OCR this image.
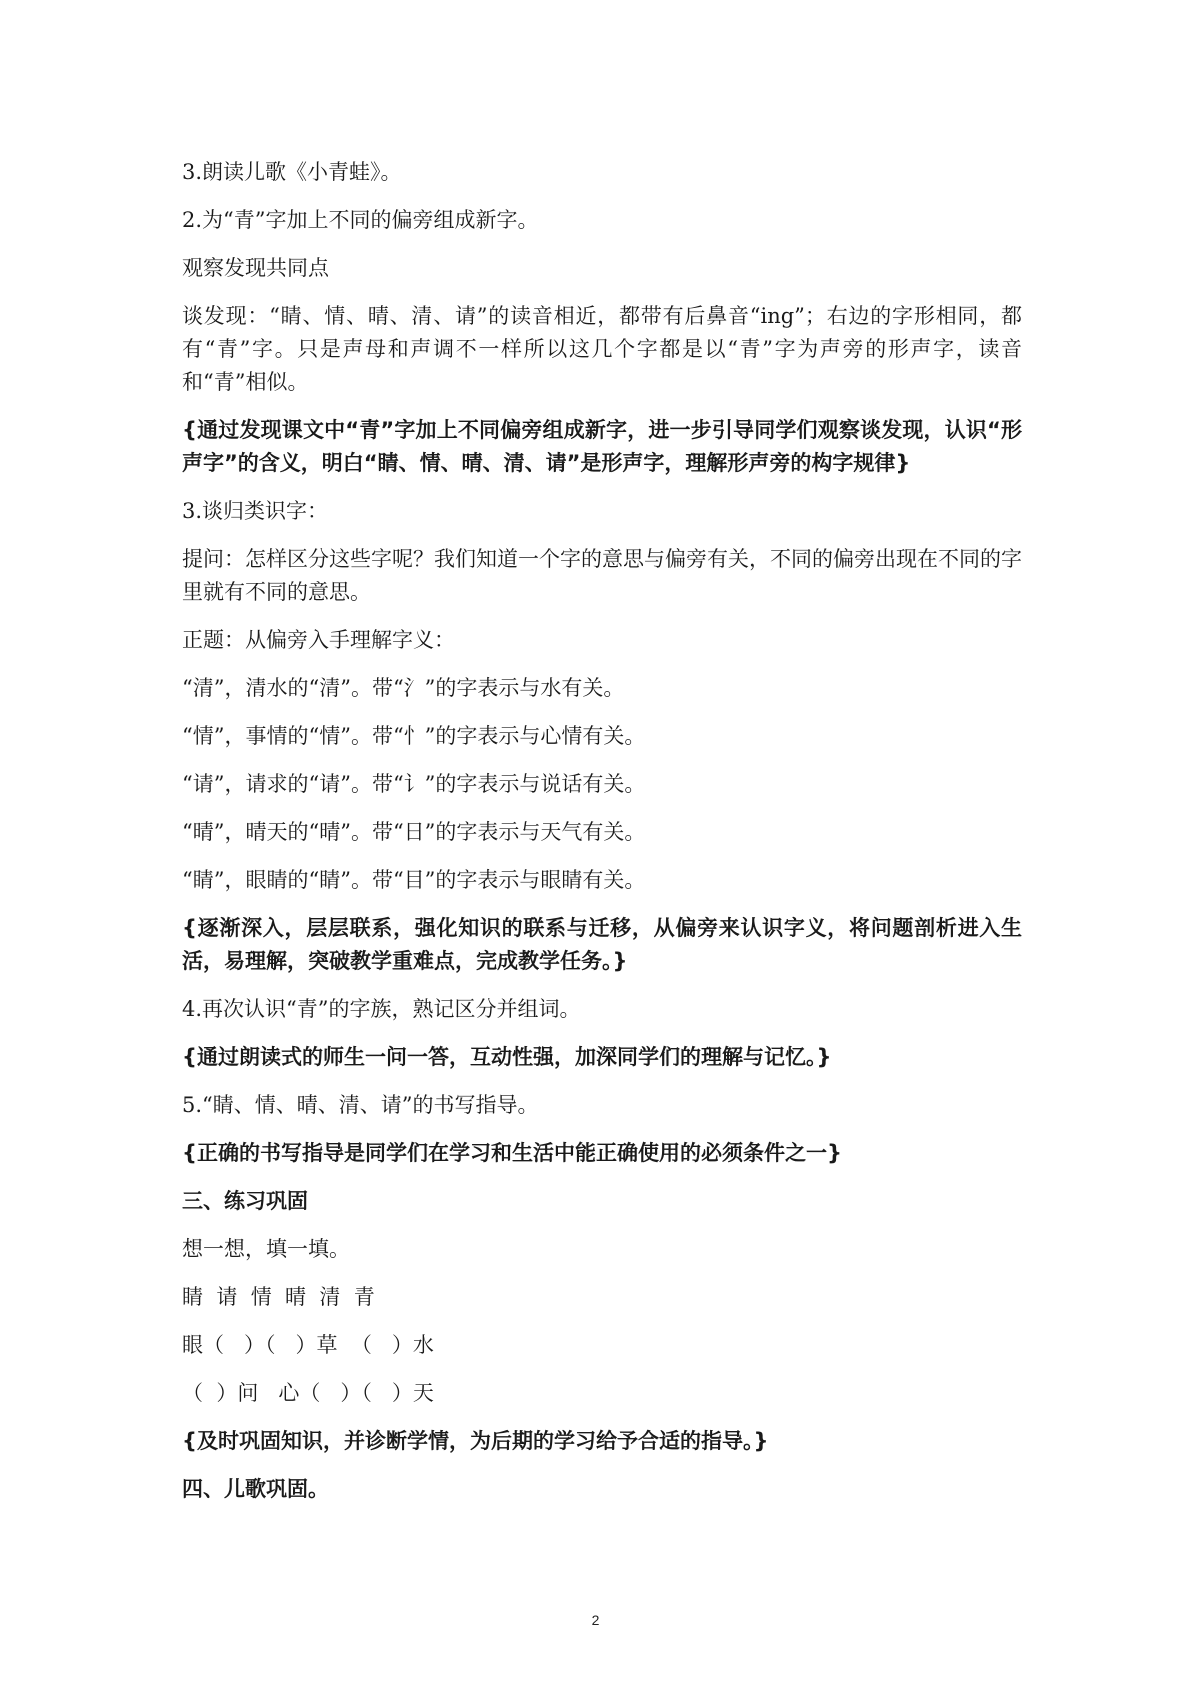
3.朗读儿歌《小青蛙》。

2.为“青”字加上不同的偏旁组成新字。

观察发现共同点

谈发现：“睛、情、晴、清、请”的读音相近，都带有后鼻音“ing”；右边的字形相同，都有“青”字。只是声母和声调不一样所以这几个字都是以“青”字为声旁的形声字，读音和“青”相似。

{通过发现课文中“青”字加上不同偏旁组成新字，进一步引导同学们观察谈发现，认识“形声字”的含义，明白“睛、情、晴、清、请”是形声字，理解形声旁的构字规律}

3.谈归类识字：

提问：怎样区分这些字呢？我们知道一个字的意思与偏旁有关，不同的偏旁出现在不同的字里就有不同的意思。

正题：从偏旁入手理解字义：

“清”，清水的“清”。带“氵”的字表示与水有关。

“情”，事情的“情”。带“忄”的字表示与心情有关。

“请”，请求的“请”。带“讠”的字表示与说话有关。

“晴”，晴天的“晴”。带“日”的字表示与天气有关。

“睛”，眼睛的“睛”。带“目”的字表示与眼睛有关。

{逐渐深入，层层联系，强化知识的联系与迁移，从偏旁来认识字义，将问题剖析进入生活，易理解，突破教学重难点，完成教学任务。}

4.再次认识“青”的字族，熟记区分并组词。

{通过朗读式的师生一问一答，互动性强，加深同学们的理解与记忆。}

5.“睛、情、晴、清、请”的书写指导。

{正确的书写指导是同学们在学习和生活中能正确使用的必须条件之一}

三、练习巩固

想一想，填一填。

睛  请  情  晴  清  青

眼（   ）（   ）草  （   ）水

（  ）问   心（   ）（   ）天

{及时巩固知识，并诊断学情，为后期的学习给予合适的指导。}

四、儿歌巩固。

2
